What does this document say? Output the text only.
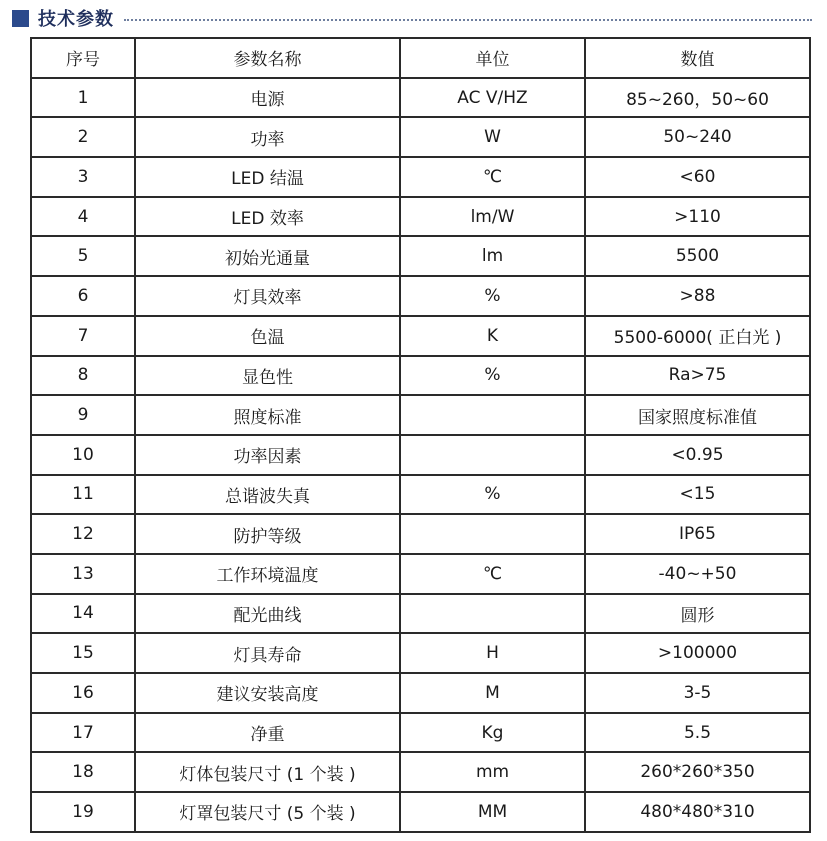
技术参数
序号	参数名称	单位	数值
1	电源	AC V/HZ	85~260，50~60
2	功率	W	50~240
3	LED 结温	℃	<60
4	LED 效率	lm/W	>110
5	初始光通量	lm	5500
6	灯具效率	%	>88
7	色温	K	5500-6000( 正白光 )
8	显色性	%	Ra>75
9	照度标准		国家照度标准值
10	功率因素		<0.95
11	总谐波失真	%	<15
12	防护等级		IP65
13	工作环境温度	℃	-40~+50
14	配光曲线		圆形
15	灯具寿命	H	>100000
16	建议安装高度	M	3-5
17	净重	Kg	5.5
18	灯体包装尺寸 (1 个装 )	mm	260*260*350
19	灯罩包装尺寸 (5 个装 )	MM	480*480*310
